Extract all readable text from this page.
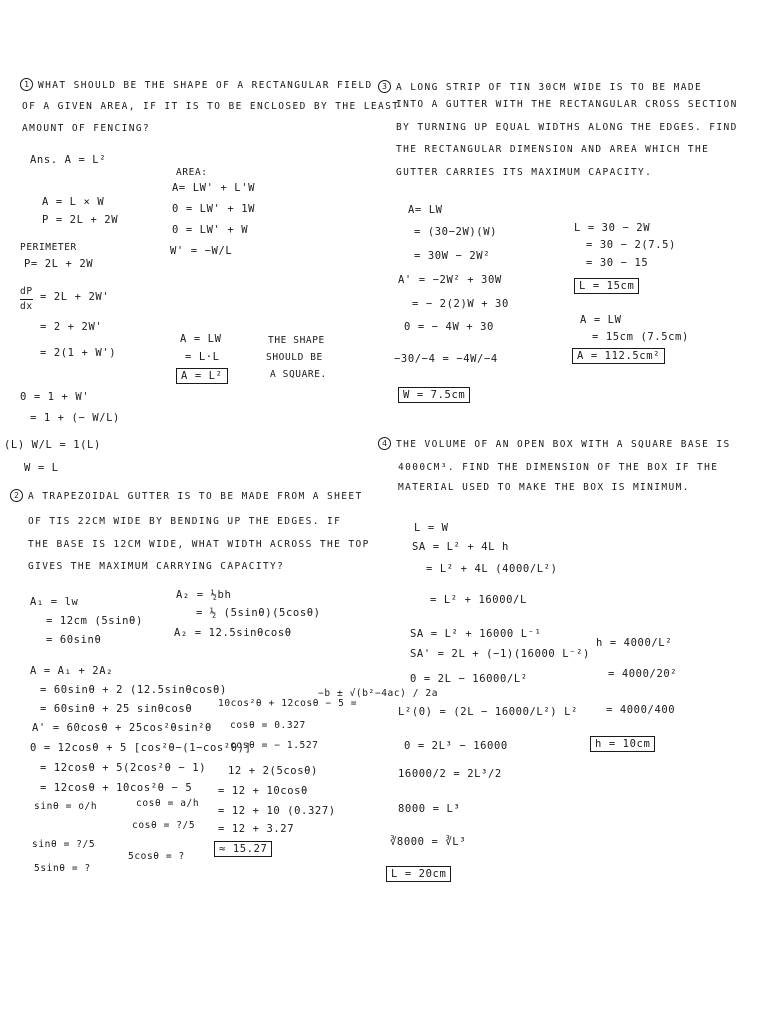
1 WHAT SHOULD BE THE SHAPE OF A RECTANGULAR FIELD
OF A GIVEN AREA, IF IT IS TO BE ENCLOSED BY THE LEAST
AMOUNT OF FENCING?
Ans. A = L²
A = L × W
P = 2L + 2W
PERIMETER
P= 2L + 2W
dP
dx
= 2L + 2W'
= 2 + 2W'
= 2(1 + W')
0 = 1 + W'
= 1 + (− W/L)
(L) W/L = 1(L)
W = L
AREA:
A= LW' + L'W
0 = LW' + 1W
0 = LW' + W
W' = −W/L
A = LW
= L·L
A = L²
THE SHAPE
SHOULD BE
A SQUARE.
2 A TRAPEZOIDAL GUTTER IS TO BE MADE FROM A SHEET
OF TIS 22CM WIDE BY BENDING UP THE EDGES. IF
THE BASE IS 12CM WIDE, WHAT WIDTH ACROSS THE TOP
GIVES THE MAXIMUM CARRYING CAPACITY?
A₁ = lw
= 12cm (5sinθ)
= 60sinθ
A₂ = ½bh
= ½ (5sinθ)(5cosθ)
A₂ = 12.5sinθcosθ
A = A₁ + 2A₂
= 60sinθ + 2 (12.5sinθcosθ)
= 60sinθ + 25 sinθcosθ
A' = 60cosθ + 25cos²θsin²θ
0 = 12cosθ + 5 [cos²θ−(1−cos²θ)]
= 12cosθ + 5(2cos²θ − 1)
= 12cosθ + 10cos²θ − 5
10cos²θ + 12cosθ − 5 =
−b ± √(b²−4ac) / 2a
cosθ = 0.327
cosθ = − 1.527
12 + 2(5cosθ)
= 12 + 10cosθ
= 12 + 10 (0.327)
= 12 + 3.27
≈ 15.27
sinθ = o/h
sinθ = ?/5
5sinθ = ?
cosθ = a/h
cosθ = ?/5
5cosθ = ?
3 A LONG STRIP OF TIN 30CM WIDE IS TO BE MADE
INTO A GUTTER WITH THE RECTANGULAR CROSS SECTION
BY TURNING UP EQUAL WIDTHS ALONG THE EDGES. FIND
THE RECTANGULAR DIMENSION AND AREA WHICH THE
GUTTER CARRIES ITS MAXIMUM CAPACITY.
A= LW
= (30−2W)(W)
= 30W − 2W²
A' = −2W² + 30W
= − 2(2)W + 30
0 = − 4W + 30
−30/−4 = −4W/−4
W = 7.5cm
L = 30 − 2W
= 30 − 2(7.5)
= 30 − 15
L = 15cm
A = LW
= 15cm (7.5cm)
A = 112.5cm²
4 THE VOLUME OF AN OPEN BOX WITH A SQUARE BASE IS
4000CM³. FIND THE DIMENSION OF THE BOX IF THE
MATERIAL USED TO MAKE THE BOX IS MINIMUM.
L = W
SA = L² + 4L h
= L² + 4L (4000/L²)
= L² + 16000/L
SA = L² + 16000 L⁻¹
SA' = 2L + (−1)(16000 L⁻²)
0 = 2L − 16000/L²
L²(0) = (2L − 16000/L²) L²
0 = 2L³ − 16000
16000/2 = 2L³/2
8000 = L³
∛8000 = ∛L³
L = 20cm
h = 4000/L²
= 4000/20²
= 4000/400
h = 10cm
